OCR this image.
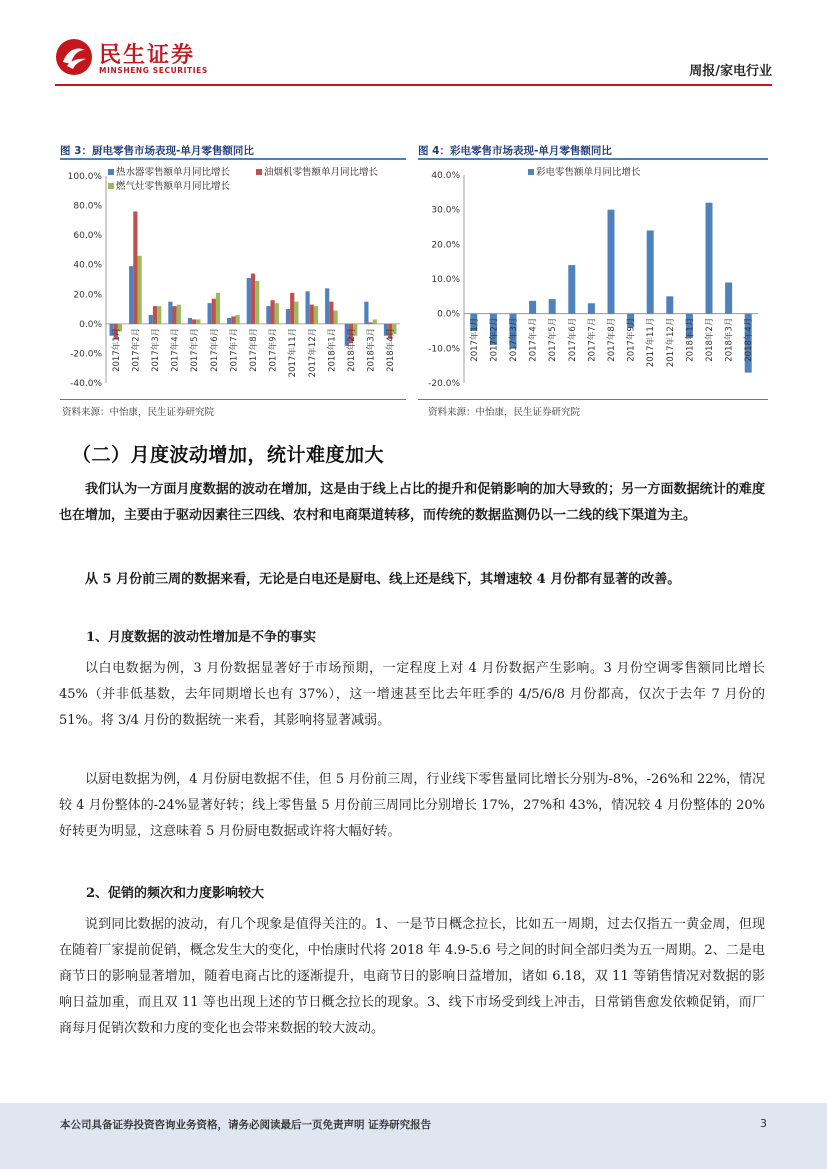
民生证券
MINSHENG SECURITIES	周报/家电行业
图 3：厨电零售市场表现-单月零售额同比
100.0%
80.0%
60.0%
40.0%
20.0%
0.0%
-20.0%
-40.0%
2017年1月 2017年2月 2017年3月 2017年4月 2017年5月 2017年6月 2017年7月 2017年8月 2017年9月 2017年11月 2017年12月 2018年1月 2018年2月 2018年3月 2018年4月
热水器零售额单月同比增长	油烟机零售额单月同比增长
燃气灶零售额单月同比增长
资料来源：中怡康，民生证券研究院
图 4：彩电零售市场表现-单月零售额同比
40.0%
30.0%
20.0%
10.0%
0.0%
-10.0%
-20.0%
2017年1月 2017年2月 2017年3月 2017年4月 2017年5月 2017年6月 2017年7月 2017年8月 2017年9月 2017年11月 2017年12月 2018年1月 2018年2月 2018年3月 2018年4月
彩电零售额单月同比增长
资料来源：中怡康，民生证券研究院
（二）月度波动增加，统计难度加大

我们认为一方面月度数据的波动在增加，这是由于线上占比的提升和促销影响的加大导致的；另一方面数据统计的难度也在增加，主要由于驱动因素往三四线、农村和电商渠道转移，而传统的数据监测仍以一二线的线下渠道为主。

从 5 月份前三周的数据来看，无论是白电还是厨电、线上还是线下，其增速较 4 月份都有显著的改善。

1、月度数据的波动性增加是不争的事实

以白电数据为例，3 月份数据显著好于市场预期，一定程度上对 4 月份数据产生影响。3 月份空调零售额同比增长 45%（并非低基数，去年同期增长也有 37%），这一增速甚至比去年旺季的 4/5/6/8 月份都高，仅次于去年 7 月份的 51%。将 3/4 月份的数据统一来看，其影响将显著减弱。

以厨电数据为例，4 月份厨电数据不佳，但 5 月份前三周，行业线下零售量同比增长分别为-8%，-26%和 22%，情况较 4 月份整体的-24%显著好转；线上零售量 5 月份前三周同比分别增长 17%，27%和 43%，情况较 4 月份整体的 20%好转更为明显，这意味着 5 月份厨电数据或许将大幅好转。

2、促销的频次和力度影响较大

说到同比数据的波动，有几个现象是值得关注的。1、一是节日概念拉长，比如五一周期，过去仅指五一黄金周，但现在随着厂家提前促销，概念发生大的变化，中怡康时代将 2018 年 4.9-5.6 号之间的时间全部归类为五一周期。2、二是电商节日的影响显著增加，随着电商占比的逐渐提升，电商节日的影响日益增加，诸如 6.18，双 11 等销售情况对数据的影响日益加重，而且双 11 等也出现上述的节日概念拉长的现象。3、线下市场受到线上冲击，日常销售愈发依赖促销，而厂商每月促销次数和力度的变化也会带来数据的较大波动。

本公司具备证券投资咨询业务资格，请务必阅读最后一页免责声明 证券研究报告	3
